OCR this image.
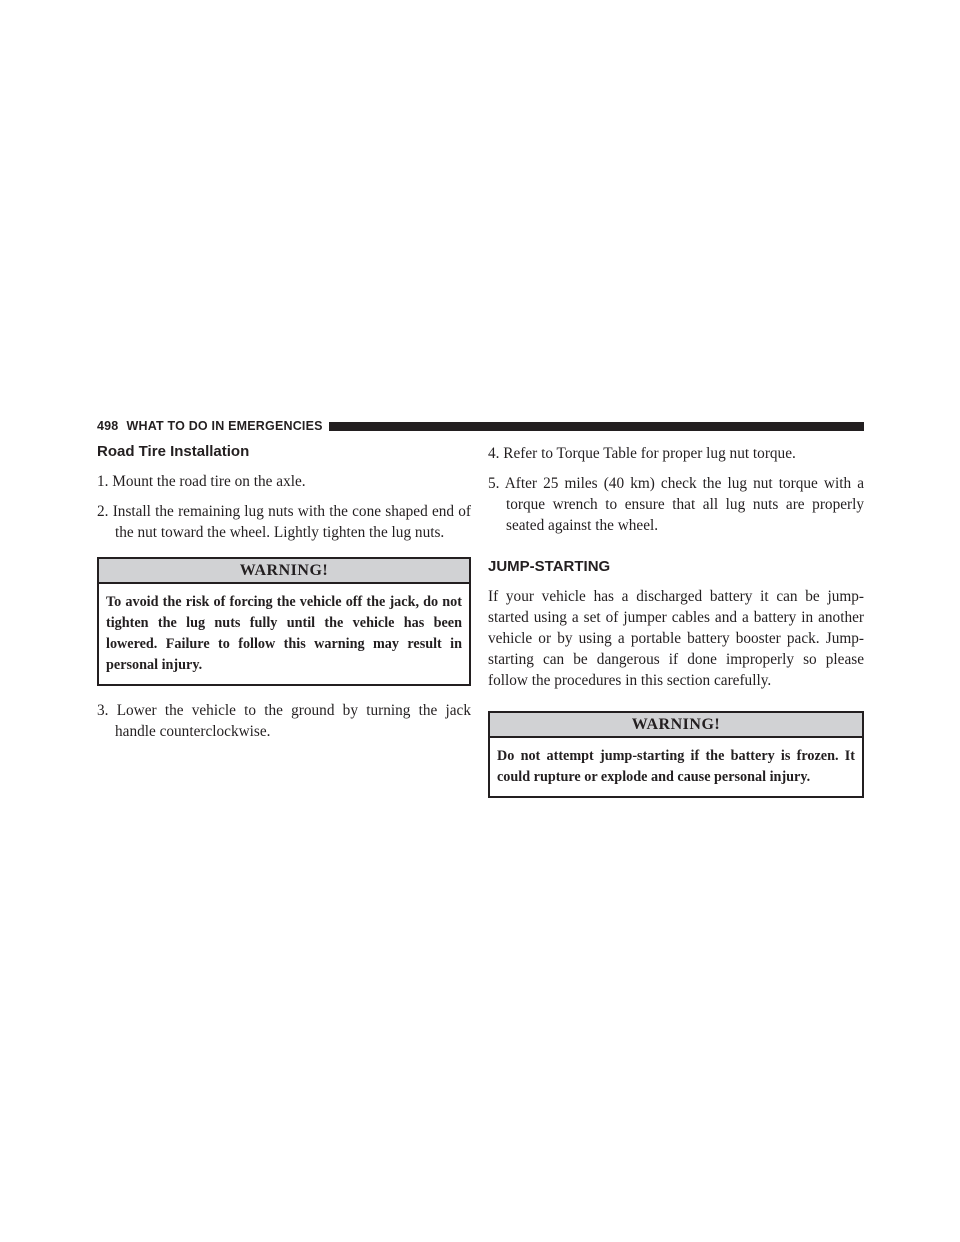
498 WHAT TO DO IN EMERGENCIES
Road Tire Installation

1. Mount the road tire on the axle.

2. Install the remaining lug nuts with the cone shaped end of the nut toward the wheel. Lightly tighten the lug nuts.

WARNING!
To avoid the risk of forcing the vehicle off the jack, do not tighten the lug nuts fully until the vehicle has been lowered. Failure to follow this warning may result in personal injury.

3. Lower the vehicle to the ground by turning the jack handle counterclockwise.

4. Refer to Torque Table for proper lug nut torque.

5. After 25 miles (40 km) check the lug nut torque with a torque wrench to ensure that all lug nuts are properly seated against the wheel.

JUMP-STARTING

If your vehicle has a discharged battery it can be jump-started using a set of jumper cables and a battery in another vehicle or by using a portable battery booster pack. Jump-starting can be dangerous if done improperly so please follow the procedures in this section carefully.

WARNING!
Do not attempt jump-starting if the battery is frozen. It could rupture or explode and cause personal injury.
